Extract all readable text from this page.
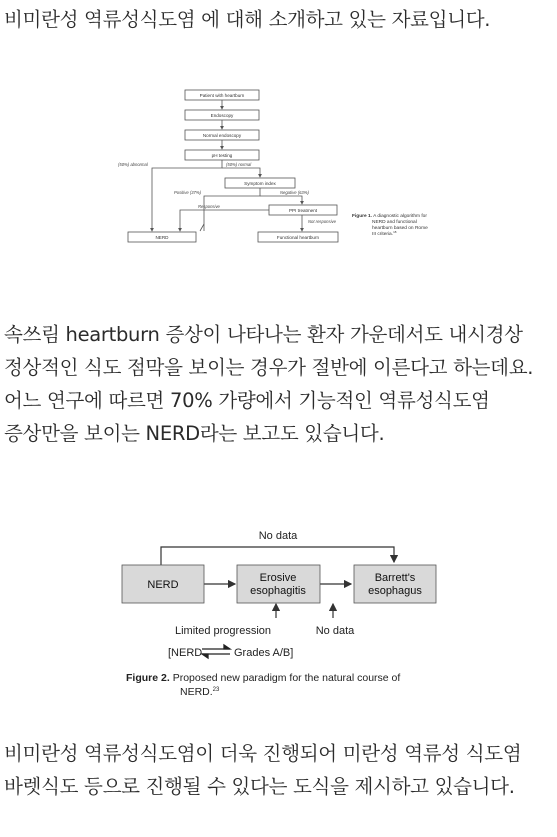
비미란성 역류성식도염 에 대해 소개하고 있는 자료입니다.

Patient with heartburn
Endoscopy
Normal endoscopy
pH testing
Symptom index
PPI treatment
NERD	Functional heartburn
(50%) abnormal	(50%) normal
Positive (37%)	Negative (63%)
Responsive
Not responsive
Figure 1. A diagnostic algorithm for
NERD and functional
heartburn based on Rome
III criteria.$^{18}$

속쓰림 heartburn 증상이 나타나는 환자 가운데서도 내시경상 정상적인 식도 점막을 보이는 경우가 절반에 이른다고 하는데요. 어느 연구에 따르면 70% 가량에서 기능적인 역류성식도염 증상만을 보이는 NERD라는 보고도 있습니다.

No data
NERD
Erosive
esophagitis
Barrett's
esophagus
Limited progression	No data
[NERD	Grades A/B]
Figure 2. Proposed new paradigm for the natural course of
NERD.$^{23}$

비미란성 역류성식도염이 더욱 진행되어 미란성 역류성 식도염 바렛식도 등으로 진행될 수 있다는 도식을 제시하고 있습니다.
